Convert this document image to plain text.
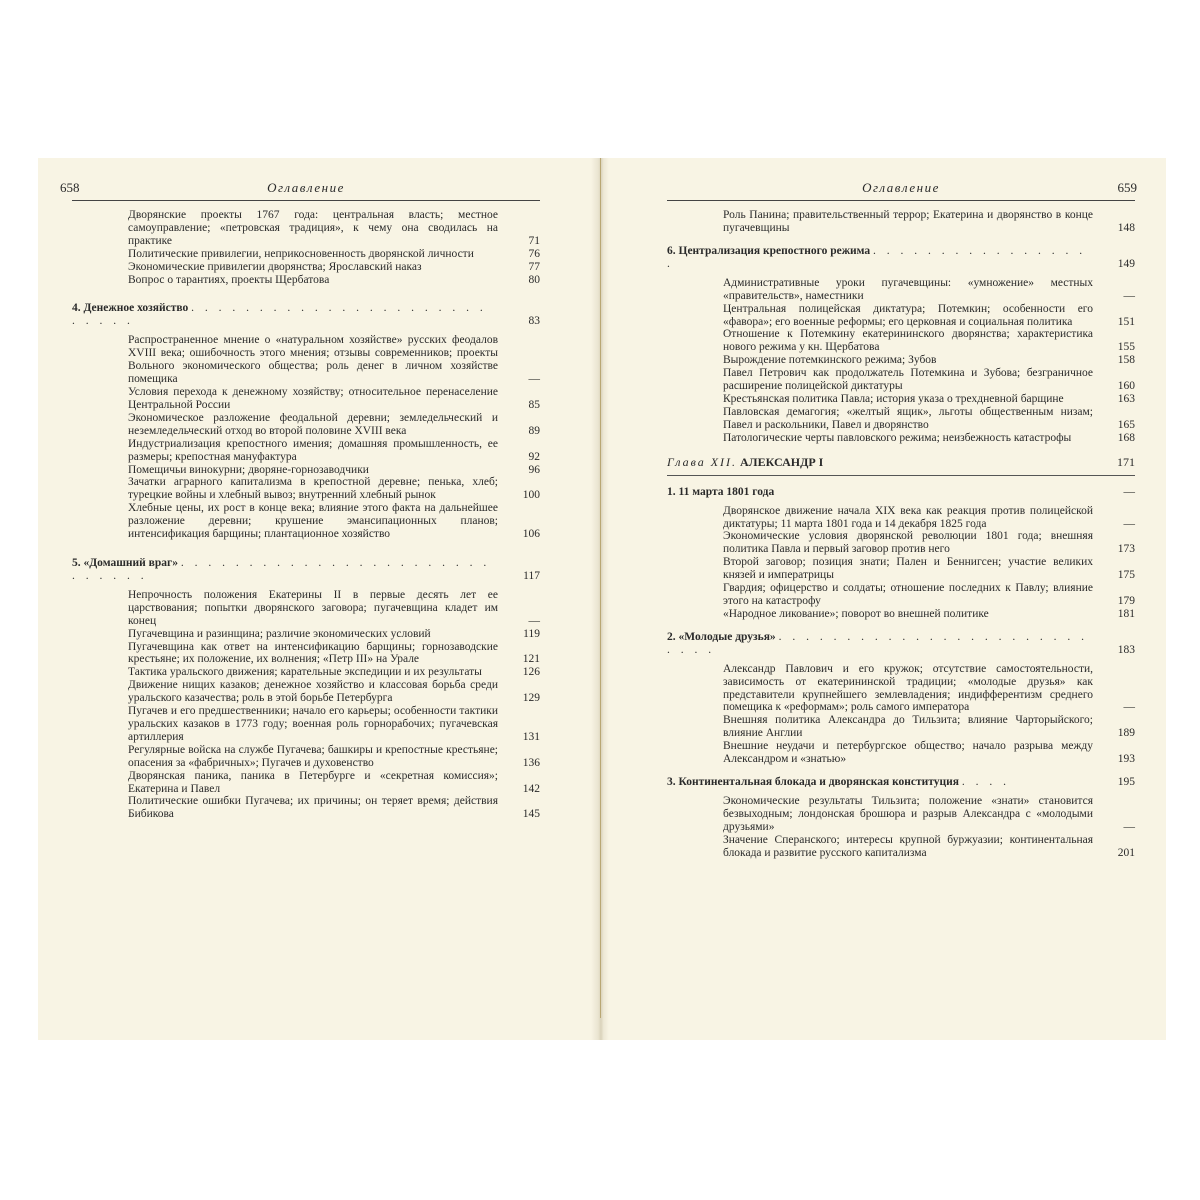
658	Оглавление
Дворянские проекты 1767 года: центральная власть; местное самоуправление; «петровская традиция», к чему она сводилась на практике	71
Политические привилегии, неприкосновенность дворянской личности	76
Экономические привилегии дворянства; Ярославский наказ	77
Вопрос о тарантиях, проекты Щербатова	80
4. Денежное хозяйство . . . . . . . . . . . . . . . . . . . . . . . . . . .	83
Распространенное мнение о «натуральном хозяйстве» русских феодалов XVIII века; ошибочность этого мнения; отзывы современников; проекты Вольного экономического общества; роль денег в личном хозяйстве помещика	—
Условия перехода к денежному хозяйству; относительное перенаселение Центральной России	85
Экономическое разложение феодальной деревни; земледельческий и неземледельческий отход во второй половине XVIII века	89
Индустриализация крепостного имения; домашняя промышленность, ее размеры; крепостная мануфактура	92
Помещичьи винокурни; дворяне-горнозаводчики	96
Зачатки аграрного капитализма в крепостной деревне; пенька, хлеб; турецкие войны и хлебный вывоз; внутренний хлебный рынок	100
Хлебные цены, их рост в конце века; влияние этого факта на дальнейшее разложение деревни; крушение эмансипационных планов; интенсификация барщины; плантационное хозяйство	106
5. «Домашний враг» . . . . . . . . . . . . . . . . . . . . . . . . . . . . .	117
Непрочность положения Екатерины II в первые десять лет ее царствования; попытки дворянского заговора; пугачевщина кладет им конец	—
Пугачевщина и разинщина; различие экономических условий	119
Пугачевщина как ответ на интенсификацию барщины; горнозаводские крестьяне; их положение, их волнения; «Петр III» на Урале	121
Тактика уральского движения; карательные экспедиции и их результаты	126
Движение нищих казаков; денежное хозяйство и классовая борьба среди уральского казачества; роль в этой борьбе Петербурга	129
Пугачев и его предшественники; начало его карьеры; особенности тактики уральских казаков в 1773 году; военная роль горнорабочих; пугачевская артиллерия	131
Регулярные войска на службе Пугачева; башкиры и крепостные крестьяне; опасения за «фабричных»; Пугачев и духовенство	136
Дворянская паника, паника в Петербурге и «секретная комиссия»; Екатерина и Павел	142
Политические ошибки Пугачева; их причины; он теряет время; действия Бибикова	145
Оглавление	659
Роль Панина; правительственный террор; Екатерина и дворянство в конце пугачевщины	148
6. Централизация крепостного режима . . . . . . . . . . . . . . . . .	149
Административные уроки пугачевщины: «умножение» местных «правительств», наместники	—
Центральная полицейская диктатура; Потемкин; особенности его «фавора»; его военные реформы; его церковная и социальная политика	151
Отношение к Потемкину екатерининского дворянства; характеристика нового режима у кн. Щербатова	155
Вырождение потемкинского режима; Зубов	158
Павел Петрович как продолжатель Потемкина и Зубова; безграничное расширение полицейской диктатуры	160
Крестьянская политика Павла; история указа о трехдневной барщине	163
Павловская демагогия; «желтый ящик», льготы общественным низам; Павел и раскольники, Павел и дворянство	165
Патологические черты павловского режима; неизбежность катастрофы	168
Глава XII. АЛЕКСАНДР I	171
1. 11 марта 1801 года	—
Дворянское движение начала XIX века как реакция против полицейской диктатуры; 11 марта 1801 года и 14 декабря 1825 года	—
Экономические условия дворянской революции 1801 года; внешняя политика Павла и первый заговор против него	173
Второй заговор; позиция знати; Пален и Беннигсен; участие великих князей и императрицы	175
Гвардия; офицерство и солдаты; отношение последних к Павлу; влияние этого на катастрофу	179
«Народное ликование»; поворот во внешней политике	181
2. «Молодые друзья» . . . . . . . . . . . . . . . . . . . . . . . . . . .	183
Александр Павлович и его кружок; отсутствие самостоятельности, зависимость от екатерининской традиции; «молодые друзья» как представители крупнейшего землевладения; индифферентизм среднего помещика к «реформам»; роль самого императора	—
Внешняя политика Александра до Тильзита; влияние Чарторыйского; влияние Англии	189
Внешние неудачи и петербургское общество; начало разрыва между Александром и «знатью»	193
3. Континентальная блокада и дворянская конституция . . . .	195
Экономические результаты Тильзита; положение «знати» становится безвыходным; лондонская брошюра и разрыв Александра с «молодыми друзьями»	—
Значение Сперанского; интересы крупной буржуазии; континентальная блокада и развитие русского капитализма	201
